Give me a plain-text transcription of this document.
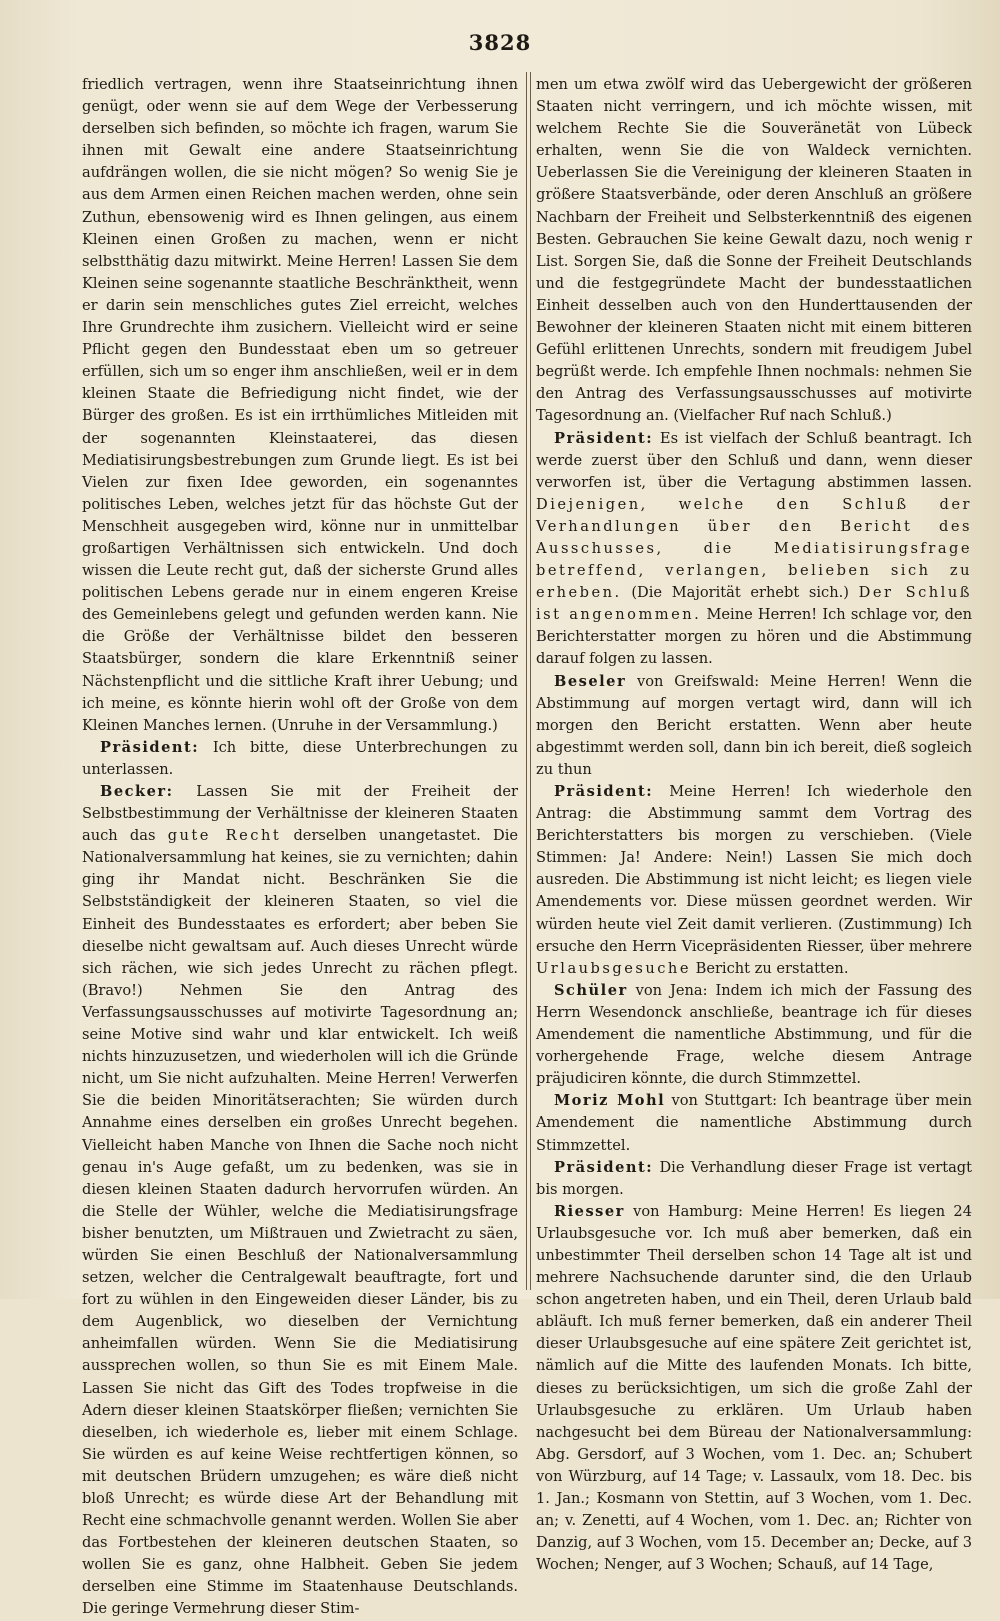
3828

friedlich vertragen, wenn ihre Staatseinrichtung ihnen genügt, oder wenn sie auf dem Wege der Verbesserung derselben sich befinden, so möchte ich fragen, warum Sie ihnen mit Gewalt eine andere Staatseinrichtung aufdrängen wollen, die sie nicht mögen? So wenig Sie je aus dem Armen einen Reichen machen werden, ohne sein Zuthun, ebensowenig wird es Ihnen gelingen, aus einem Kleinen einen Großen zu machen, wenn er nicht selbstthätig dazu mitwirkt. Meine Herren! Lassen Sie dem Kleinen seine sogenannte staatliche Beschränktheit, wenn er darin sein menschliches gutes Ziel erreicht, welches Ihre Grundrechte ihm zusichern. Vielleicht wird er seine Pflicht gegen den Bundesstaat eben um so getreuer erfüllen, sich um so enger ihm anschließen, weil er in dem kleinen Staate die Befriedigung nicht findet, wie der Bürger des großen. Es ist ein irrthümliches Mitleiden mit der sogenannten Kleinstaaterei, das diesen Mediatisirungsbestrebungen zum Grunde liegt. Es ist bei Vielen zur fixen Idee geworden, ein sogenanntes politisches Leben, welches jetzt für das höchste Gut der Menschheit ausgegeben wird, könne nur in unmittelbar großartigen Verhältnissen sich entwickeln. Und doch wissen die Leute recht gut, daß der sicherste Grund alles politischen Lebens gerade nur in einem engeren Kreise des Gemeinlebens gelegt und gefunden werden kann. Nie die Größe der Verhältnisse bildet den besseren Staatsbürger, sondern die klare Erkenntniß seiner Nächstenpflicht und die sittliche Kraft ihrer Uebung; und ich meine, es könnte hierin wohl oft der Große von dem Kleinen Manches lernen. (Unruhe in der Versammlung.)

Präsident: Ich bitte, diese Unterbrechungen zu unterlassen.

Becker: Lassen Sie mit der Freiheit der Selbstbestimmung der Verhältnisse der kleineren Staaten auch das gute Recht derselben unangetastet. Die Nationalversammlung hat keines, sie zu vernichten; dahin ging ihr Mandat nicht. Beschränken Sie die Selbstständigkeit der kleineren Staaten, so viel die Einheit des Bundesstaates es erfordert; aber beben Sie dieselbe nicht gewaltsam auf. Auch dieses Unrecht würde sich rächen, wie sich jedes Unrecht zu rächen pflegt. (Bravo!) Nehmen Sie den Antrag des Verfassungsausschusses auf motivirte Tagesordnung an; seine Motive sind wahr und klar entwickelt. Ich weiß nichts hinzuzusetzen, und wiederholen will ich die Gründe nicht, um Sie nicht aufzuhalten. Meine Herren! Verwerfen Sie die beiden Minoritätserachten; Sie würden durch Annahme eines derselben ein großes Unrecht begehen. Vielleicht haben Manche von Ihnen die Sache noch nicht genau in's Auge gefaßt, um zu bedenken, was sie in diesen kleinen Staaten dadurch hervorrufen würden. An die Stelle der Wühler, welche die Mediatisirungsfrage bisher benutzten, um Mißtrauen und Zwietracht zu säen, würden Sie einen Beschluß der Nationalversammlung setzen, welcher die Centralgewalt beauftragte, fort und fort zu wühlen in den Eingeweiden dieser Länder, bis zu dem Augenblick, wo dieselben der Vernichtung anheimfallen würden. Wenn Sie die Mediatisirung aussprechen wollen, so thun Sie es mit Einem Male. Lassen Sie nicht das Gift des Todes tropfweise in die Adern dieser kleinen Staatskörper fließen; vernichten Sie dieselben, ich wiederhole es, lieber mit einem Schlage. Sie würden es auf keine Weise rechtfertigen können, so mit deutschen Brüdern umzugehen; es wäre dieß nicht bloß Unrecht; es würde diese Art der Behandlung mit Recht eine schmachvolle genannt werden. Wollen Sie aber das Fortbestehen der kleineren deutschen Staaten, so wollen Sie es ganz, ohne Halbheit. Geben Sie jedem derselben eine Stimme im Staatenhause Deutschlands. Die geringe Vermehrung dieser Stim-

men um etwa zwölf wird das Uebergewicht der größeren Staaten nicht verringern, und ich möchte wissen, mit welchem Rechte Sie die Souveränetät von Lübeck erhalten, wenn Sie die von Waldeck vernichten. Ueberlassen Sie die Vereinigung der kleineren Staaten in größere Staatsverbände, oder deren Anschluß an größere Nachbarn der Freiheit und Selbsterkenntniß des eigenen Besten. Gebrauchen Sie keine Gewalt dazu, noch wenig r List. Sorgen Sie, daß die Sonne der Freiheit Deutschlands und die festgegründete Macht der bundesstaatlichen Einheit desselben auch von den Hunderttausenden der Bewohner der kleineren Staaten nicht mit einem bitteren Gefühl erlittenen Unrechts, sondern mit freudigem Jubel begrüßt werde. Ich empfehle Ihnen nochmals: nehmen Sie den Antrag des Verfassungsausschusses auf motivirte Tagesordnung an. (Vielfacher Ruf nach Schluß.)

Präsident: Es ist vielfach der Schluß beantragt. Ich werde zuerst über den Schluß und dann, wenn dieser verworfen ist, über die Vertagung abstimmen lassen. Diejenigen, welche den Schluß der Verhandlungen über den Bericht des Ausschusses, die Mediatisirungsfrage betreffend, verlangen, belieben sich zu erheben. (Die Majorität erhebt sich.) Der Schluß ist angenommen. Meine Herren! Ich schlage vor, den Berichterstatter morgen zu hören und die Abstimmung darauf folgen zu lassen.

Beseler von Greifswald: Meine Herren! Wenn die Abstimmung auf morgen vertagt wird, dann will ich morgen den Bericht erstatten. Wenn aber heute abgestimmt werden soll, dann bin ich bereit, dieß sogleich zu thun

Präsident: Meine Herren! Ich wiederhole den Antrag: die Abstimmung sammt dem Vortrag des Berichterstatters bis morgen zu verschieben. (Viele Stimmen: Ja! Andere: Nein!) Lassen Sie mich doch ausreden. Die Abstimmung ist nicht leicht; es liegen viele Amendements vor. Diese müssen geordnet werden. Wir würden heute viel Zeit damit verlieren. (Zustimmung) Ich ersuche den Herrn Vicepräsidenten Riesser, über mehrere Urlaubsgesuche Bericht zu erstatten.

Schüler von Jena: Indem ich mich der Fassung des Herrn Wesendonck anschließe, beantrage ich für dieses Amendement die namentliche Abstimmung, und für die vorhergehende Frage, welche diesem Antrage präjudiciren könnte, die durch Stimmzettel.

Moriz Mohl von Stuttgart: Ich beantrage über mein Amendement die namentliche Abstimmung durch Stimmzettel.

Präsident: Die Verhandlung dieser Frage ist vertagt bis morgen.

Riesser von Hamburg: Meine Herren! Es liegen 24 Urlaubsgesuche vor. Ich muß aber bemerken, daß ein unbestimmter Theil derselben schon 14 Tage alt ist und mehrere Nachsuchende darunter sind, die den Urlaub schon angetreten haben, und ein Theil, deren Urlaub bald abläuft. Ich muß ferner bemerken, daß ein anderer Theil dieser Urlaubsgesuche auf eine spätere Zeit gerichtet ist, nämlich auf die Mitte des laufenden Monats. Ich bitte, dieses zu berücksichtigen, um sich die große Zahl der Urlaubsgesuche zu erklären. Um Urlaub haben nachgesucht bei dem Büreau der Nationalversammlung: Abg. Gersdorf, auf 3 Wochen, vom 1. Dec. an; Schubert von Würzburg, auf 14 Tage; v. Lassaulx, vom 18. Dec. bis 1. Jan.; Kosmann von Stettin, auf 3 Wochen, vom 1. Dec. an; v. Zenetti, auf 4 Wochen, vom 1. Dec. an; Richter von Danzig, auf 3 Wochen, vom 15. December an; Decke, auf 3 Wochen; Nenger, auf 3 Wochen; Schauß, auf 14 Tage,
